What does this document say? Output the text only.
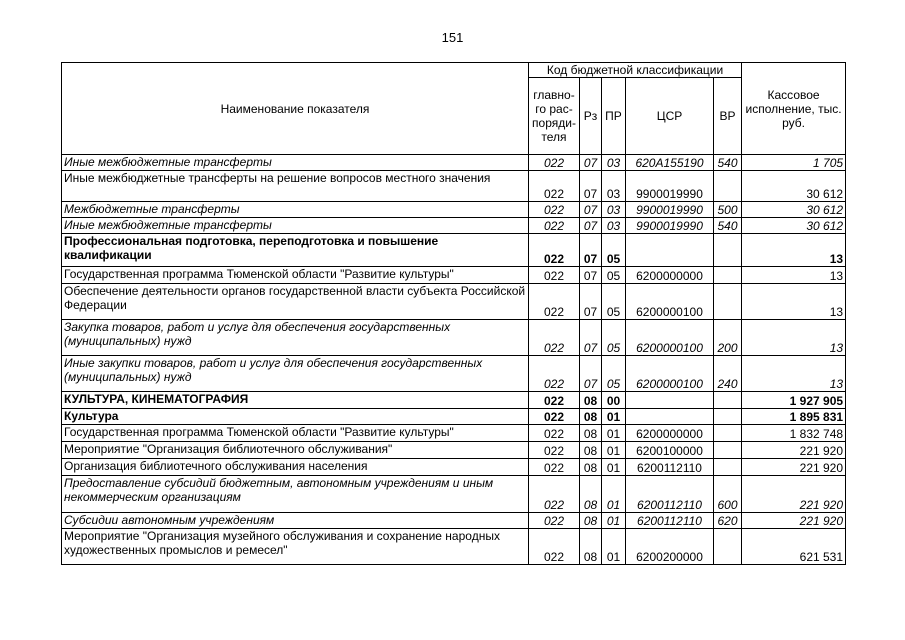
151
Наименование показателя	Код бюджетной классификации					Кассовое исполнение, тыс. руб.
	главно-го рас-поряди-теля	Рз	ПР	ЦСР	ВР	
Иные межбюджетные трансферты	022	07	03	620А155190	540	1 705
Иные межбюджетные трансферты на решение вопросов местного значения	022	07	03	9900019990		30 612
Межбюджетные трансферты	022	07	03	9900019990	500	30 612
Иные межбюджетные трансферты	022	07	03	9900019990	540	30 612
Профессиональная подготовка, переподготовка и повышение квалификации	022	07	05			13
Государственная программа Тюменской области "Развитие культуры"	022	07	05	6200000000		13
Обеспечение деятельности органов государственной власти субъекта Российской Федерации	022	07	05	6200000100		13
Закупка товаров, работ и услуг для обеспечения государственных (муниципальных) нужд	022	07	05	6200000100	200	13
Иные закупки товаров, работ и услуг для обеспечения государственных (муниципальных) нужд	022	07	05	6200000100	240	13
КУЛЬТУРА, КИНЕМАТОГРАФИЯ	022	08	00			1 927 905
Культура	022	08	01			1 895 831
Государственная программа Тюменской области "Развитие культуры"	022	08	01	6200000000		1 832 748
Мероприятие "Организация библиотечного обслуживания"	022	08	01	6200100000		221 920
Организация библиотечного обслуживания населения	022	08	01	6200112110		221 920
Предоставление субсидий бюджетным, автономным учреждениям и иным некоммерческим организациям	022	08	01	6200112110	600	221 920
Субсидии автономным учреждениям	022	08	01	6200112110	620	221 920
Мероприятие "Организация музейного обслуживания и сохранение народных художественных промыслов и ремесел"	022	08	01	6200200000		621 531
